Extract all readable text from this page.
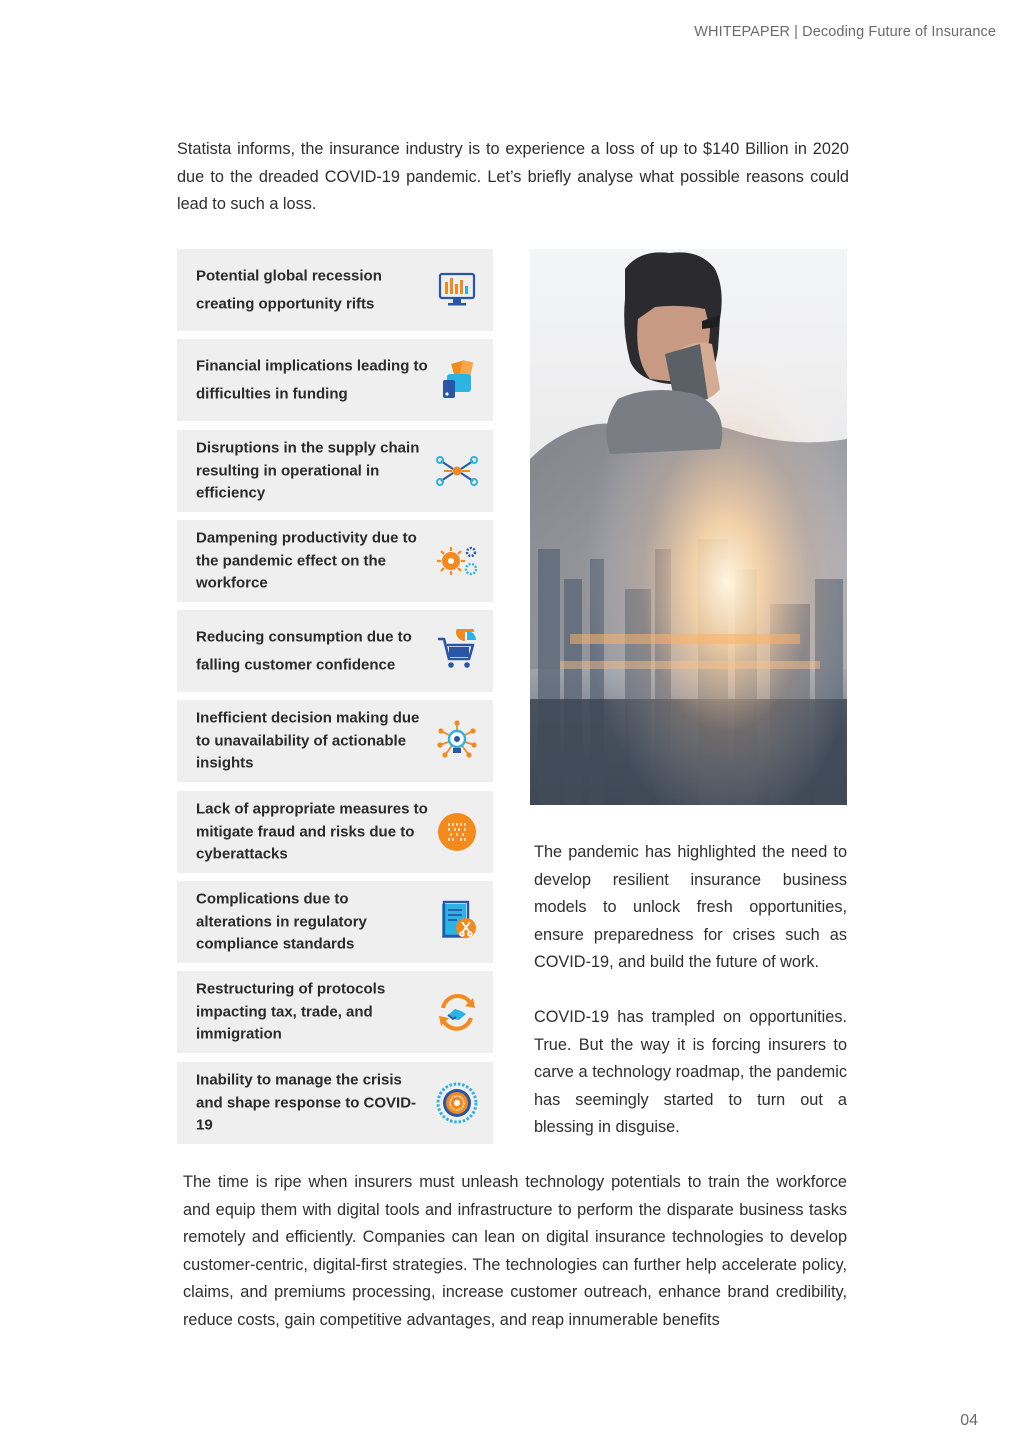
WHITEPAPER | Decoding Future of Insurance
Statista informs, the insurance industry is to experience a loss of up to $140 Billion in 2020 due to the dreaded COVID-19 pandemic. Let’s briefly analyse what possible reasons could lead to such a loss.
Potential global recession creating opportunity rifts
Financial implications leading to difficulties in funding
Disruptions in the supply chain resulting in operational in efficiency
Dampening productivity due to the pandemic effect on the workforce
Reducing consumption due to falling customer confidence
Inefficient decision making due to unavailability of actionable insights
Lack of appropriate measures to mitigate fraud and risks due to cyberattacks
Complications due to alterations in regulatory compliance standards
Restructuring of protocols impacting tax, trade, and immigration
Inability to manage the crisis and shape response to COVID-19
The pandemic has highlighted the need to develop resilient insurance business models to unlock fresh opportunities, ensure preparedness for crises such as COVID-19, and build the future of work.
COVID-19 has trampled on opportunities. True. But the way it is forcing insurers to carve a technology roadmap, the pandemic has seemingly started to turn out a blessing in disguise.
The time is ripe when insurers must unleash technology potentials to train the workforce and equip them with digital tools and infrastructure to perform the disparate business tasks remotely and efficiently. Companies can lean on digital insurance technologies to develop customer-centric, digital-first strategies. The technologies can further help accelerate policy, claims, and premiums processing, increase customer outreach, enhance brand credibility, reduce costs, gain competitive advantages, and reap innumerable benefits
04
